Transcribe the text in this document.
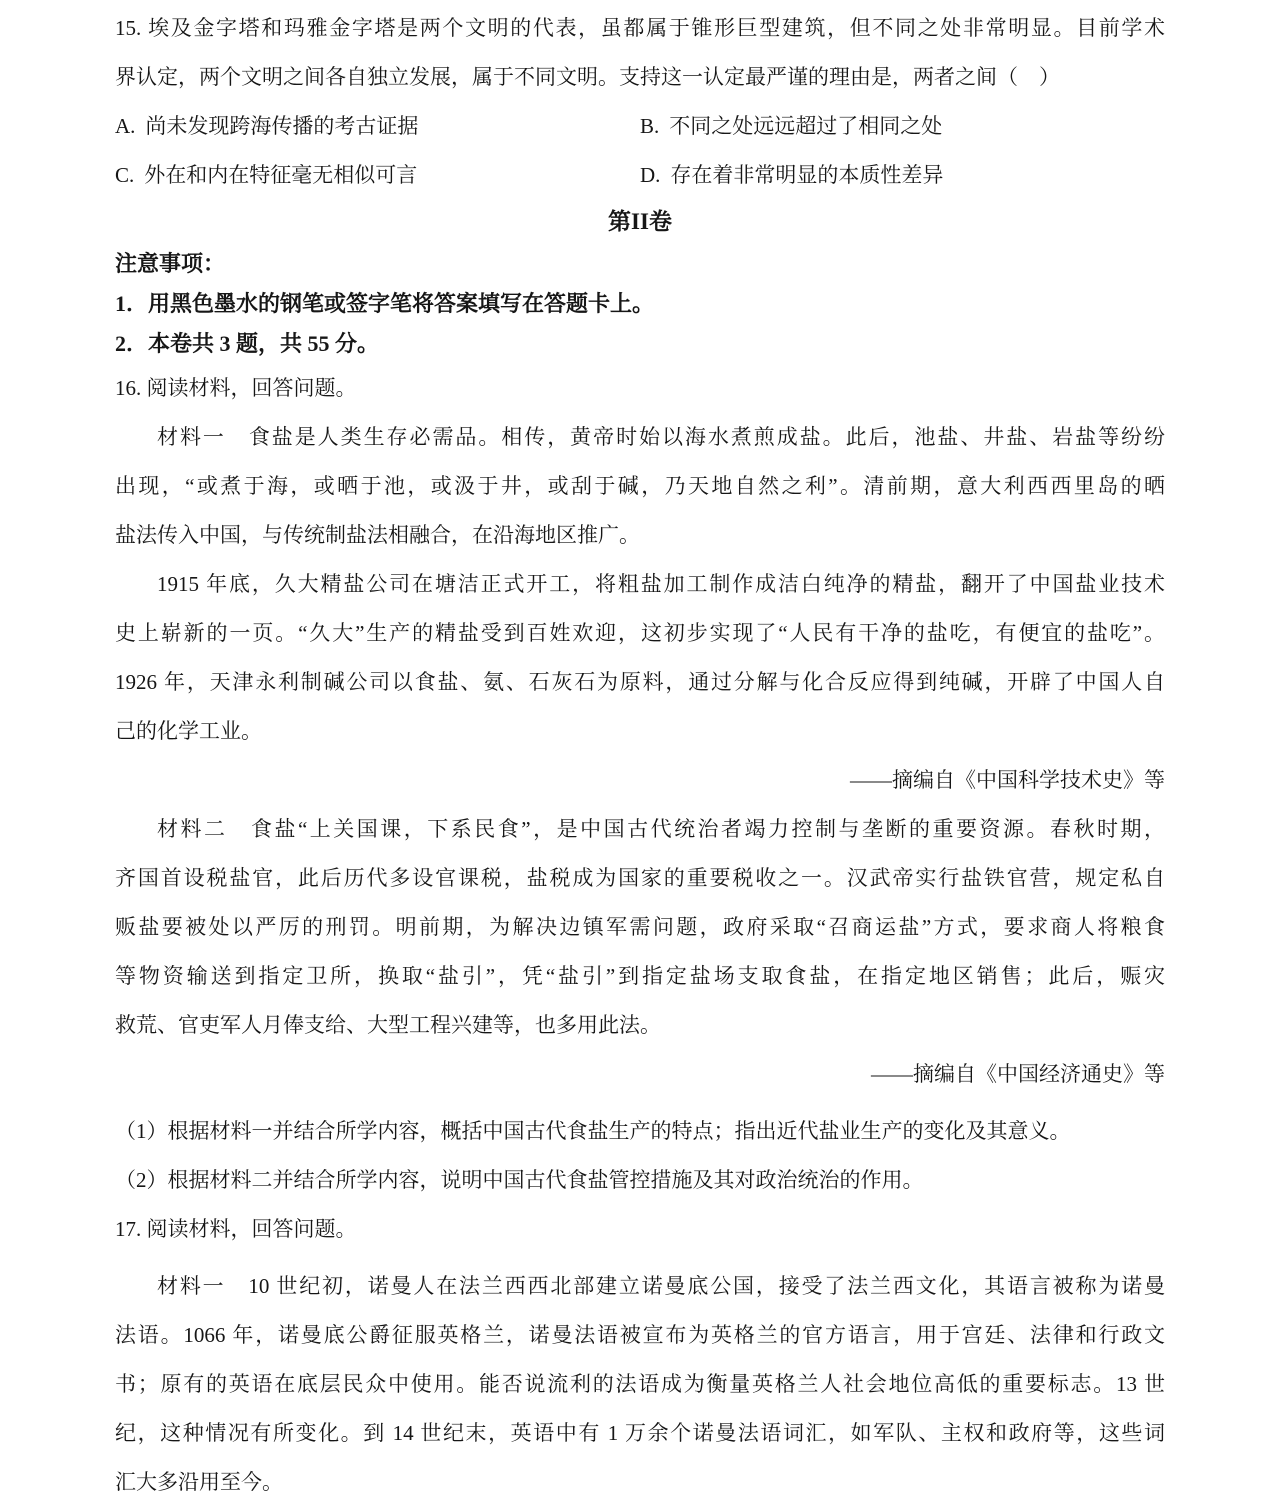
15. 埃及金字塔和玛雅金字塔是两个文明的代表，虽都属于锥形巨型建筑，但不同之处非常明显。目前学术
界认定，两个文明之间各自独立发展，属于不同文明。支持这一认定最严谨的理由是，两者之间（　）
A. 尚未发现跨海传播的考古证据	B. 不同之处远远超过了相同之处
C. 外在和内在特征毫无相似可言	D. 存在着非常明显的本质性差异
第II卷

注意事项：

1．用黑色墨水的钢笔或签字笔将答案填写在答题卡上。

2．本卷共 3 题，共 55 分。

16. 阅读材料，回答问题。

材料一　食盐是人类生存必需品。相传，黄帝时始以海水煮煎成盐。此后，池盐、井盐、岩盐等纷纷
出现，“或煮于海，或晒于池，或汲于井，或刮于碱，乃天地自然之利”。清前期，意大利西西里岛的晒
盐法传入中国，与传统制盐法相融合，在沿海地区推广。
1915 年底，久大精盐公司在塘洁正式开工，将粗盐加工制作成洁白纯净的精盐，翻开了中国盐业技术
史上崭新的一页。“久大”生产的精盐受到百姓欢迎，这初步实现了“人民有干净的盐吃，有便宜的盐吃”。
1926 年，天津永利制碱公司以食盐、氨、石灰石为原料，通过分解与化合反应得到纯碱，开辟了中国人自
己的化学工业。

——摘编自《中国科学技术史》等

材料二　食盐“上关国课，下系民食”，是中国古代统治者竭力控制与垄断的重要资源。春秋时期，
齐国首设税盐官，此后历代多设官课税，盐税成为国家的重要税收之一。汉武帝实行盐铁官营，规定私自
贩盐要被处以严厉的刑罚。明前期，为解决边镇军需问题，政府采取“召商运盐”方式，要求商人将粮食
等物资输送到指定卫所，换取“盐引”，凭“盐引”到指定盐场支取食盐，在指定地区销售；此后，赈灾
救荒、官吏军人月俸支给、大型工程兴建等，也多用此法。

——摘编自《中国经济通史》等

（1）根据材料一并结合所学内容，概括中国古代食盐生产的特点；指出近代盐业生产的变化及其意义。

（2）根据材料二并结合所学内容，说明中国古代食盐管控措施及其对政治统治的作用。

17. 阅读材料，回答问题。

材料一　10 世纪初，诺曼人在法兰西西北部建立诺曼底公国，接受了法兰西文化，其语言被称为诺曼
法语。1066 年，诺曼底公爵征服英格兰，诺曼法语被宣布为英格兰的官方语言，用于宫廷、法律和行政文
书；原有的英语在底层民众中使用。能否说流利的法语成为衡量英格兰人社会地位高低的重要标志。13 世
纪，这种情况有所变化。到 14 世纪末，英语中有 1 万余个诺曼法语词汇，如军队、主权和政府等，这些词
汇大多沿用至今。
